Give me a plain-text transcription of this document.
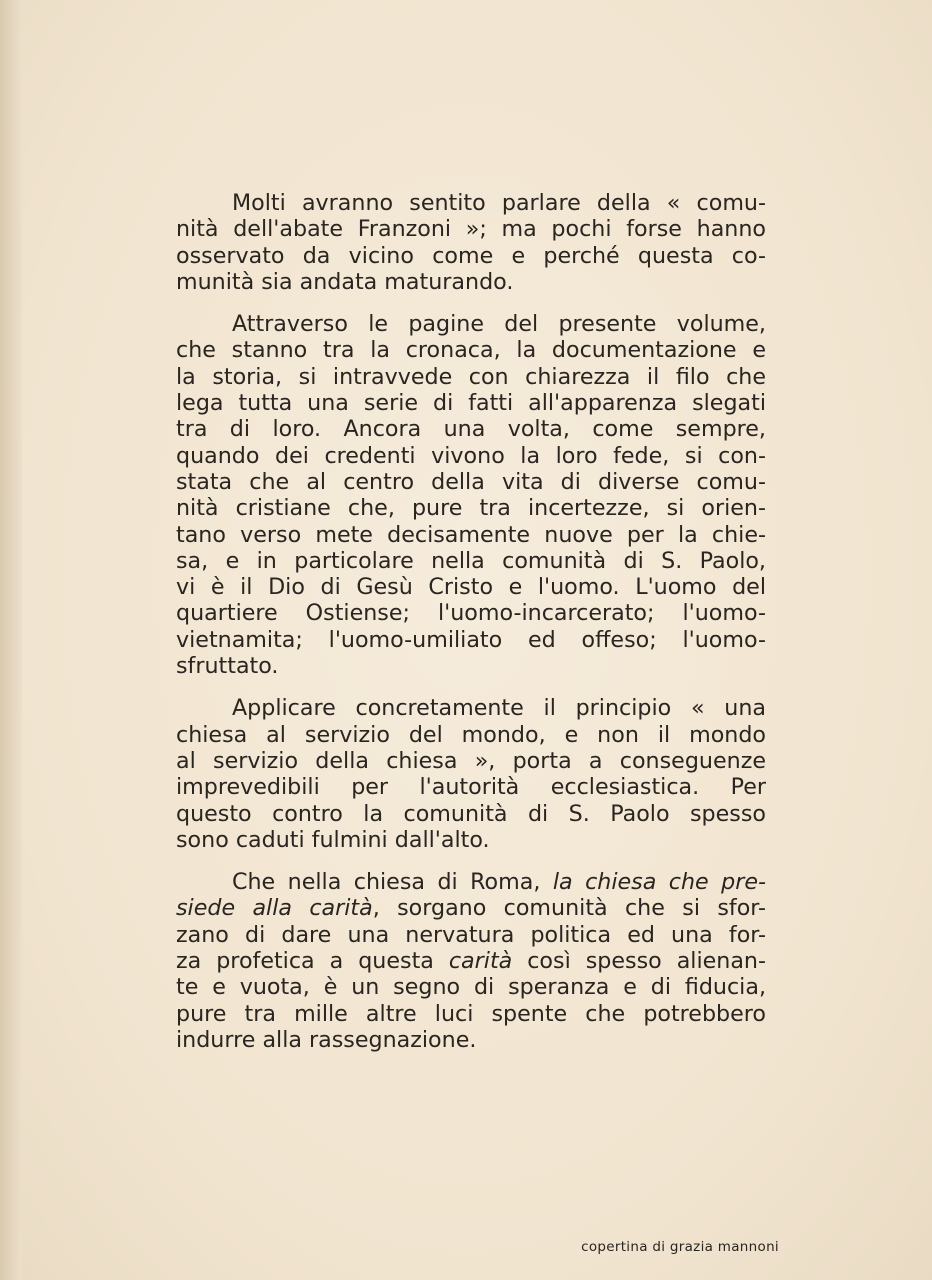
Molti avranno sentito parlare della « comu-
nità dell'abate Franzoni »; ma pochi forse hanno
osservato da vicino come e perché questa co-
munità sia andata maturando.

Attraverso le pagine del presente volume,
che stanno tra la cronaca, la documentazione e
la storia, si intravvede con chiarezza il filo che
lega tutta una serie di fatti all'apparenza slegati
tra di loro. Ancora una volta, come sempre,
quando dei credenti vivono la loro fede, si con-
stata che al centro della vita di diverse comu-
nità cristiane che, pure tra incertezze, si orien-
tano verso mete decisamente nuove per la chie-
sa, e in particolare nella comunità di S. Paolo,
vi è il Dio di Gesù Cristo e l'uomo. L'uomo del
quartiere Ostiense; l'uomo-incarcerato; l'uomo-
vietnamita; l'uomo-umiliato ed offeso; l'uomo-
sfruttato.

Applicare concretamente il principio « una
chiesa al servizio del mondo, e non il mondo
al servizio della chiesa », porta a conseguenze
imprevedibili per l'autorità ecclesiastica. Per
questo contro la comunità di S. Paolo spesso
sono caduti fulmini dall'alto.

Che nella chiesa di Roma, la chiesa che pre-
siede alla carità, sorgano comunità che si sfor-
zano di dare una nervatura politica ed una for-
za profetica a questa carità così spesso alienan-
te e vuota, è un segno di speranza e di fiducia,
pure tra mille altre luci spente che potrebbero
indurre alla rassegnazione.

copertina di grazia mannoni
